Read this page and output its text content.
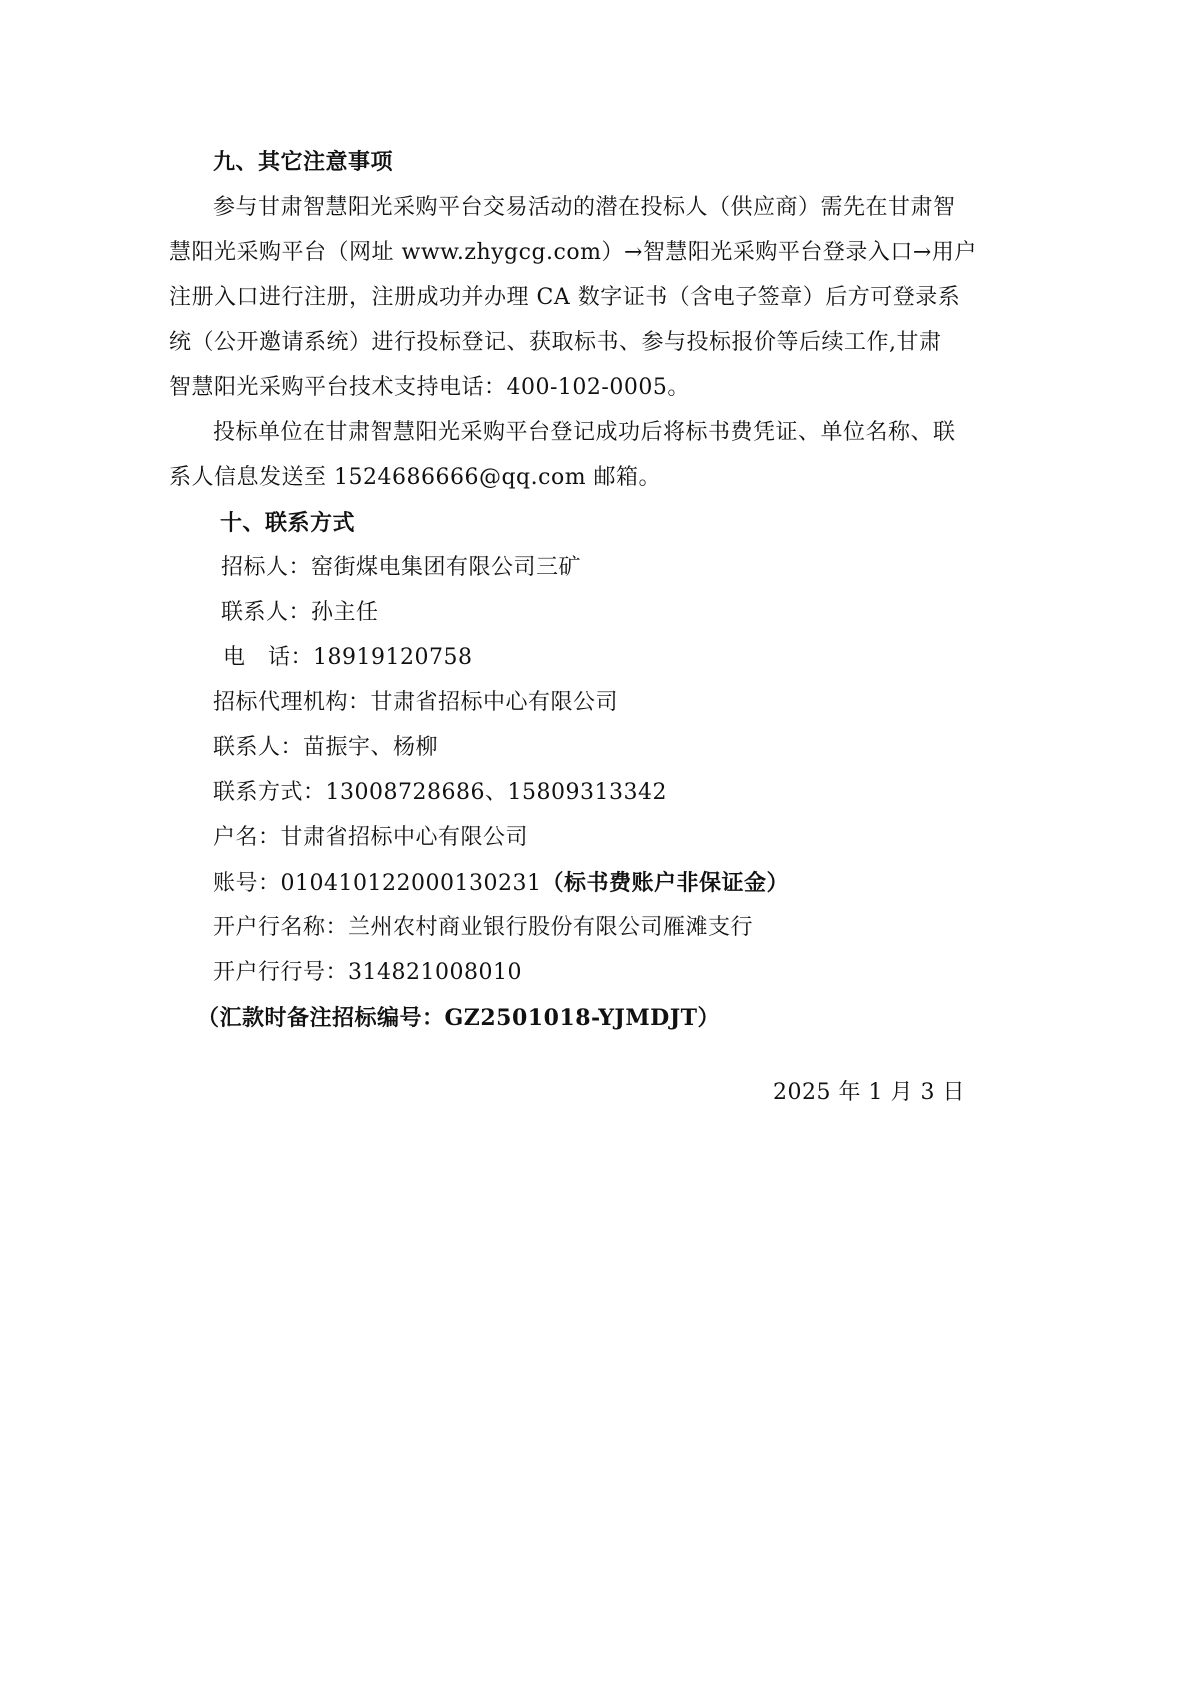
九、其它注意事项
参与甘肃智慧阳光采购平台交易活动的潜在投标人（供应商）需先在甘肃智
慧阳光采购平台（网址 www.zhygcg.com）→智慧阳光采购平台登录入口→用户
注册入口进行注册，注册成功并办理 CA 数字证书（含电子签章）后方可登录系
统（公开邀请系统）进行投标登记、获取标书、参与投标报价等后续工作,甘肃
智慧阳光采购平台技术支持电话：400-102-0005。
投标单位在甘肃智慧阳光采购平台登记成功后将标书费凭证、单位名称、联
系人信息发送至 1524686666@qq.com 邮箱。
十、联系方式
招标人：窑街煤电集团有限公司三矿
联系人：孙主任
电　话：18919120758
招标代理机构：甘肃省招标中心有限公司
联系人：苗振宇、杨柳
联系方式：13008728686、15809313342
户名：甘肃省招标中心有限公司
账号：010410122000130231（标书费账户非保证金）
开户行名称：兰州农村商业银行股份有限公司雁滩支行
开户行行号：314821008010
（汇款时备注招标编号：GZ2501018-YJMDJT）
2025 年 1 月 3 日
